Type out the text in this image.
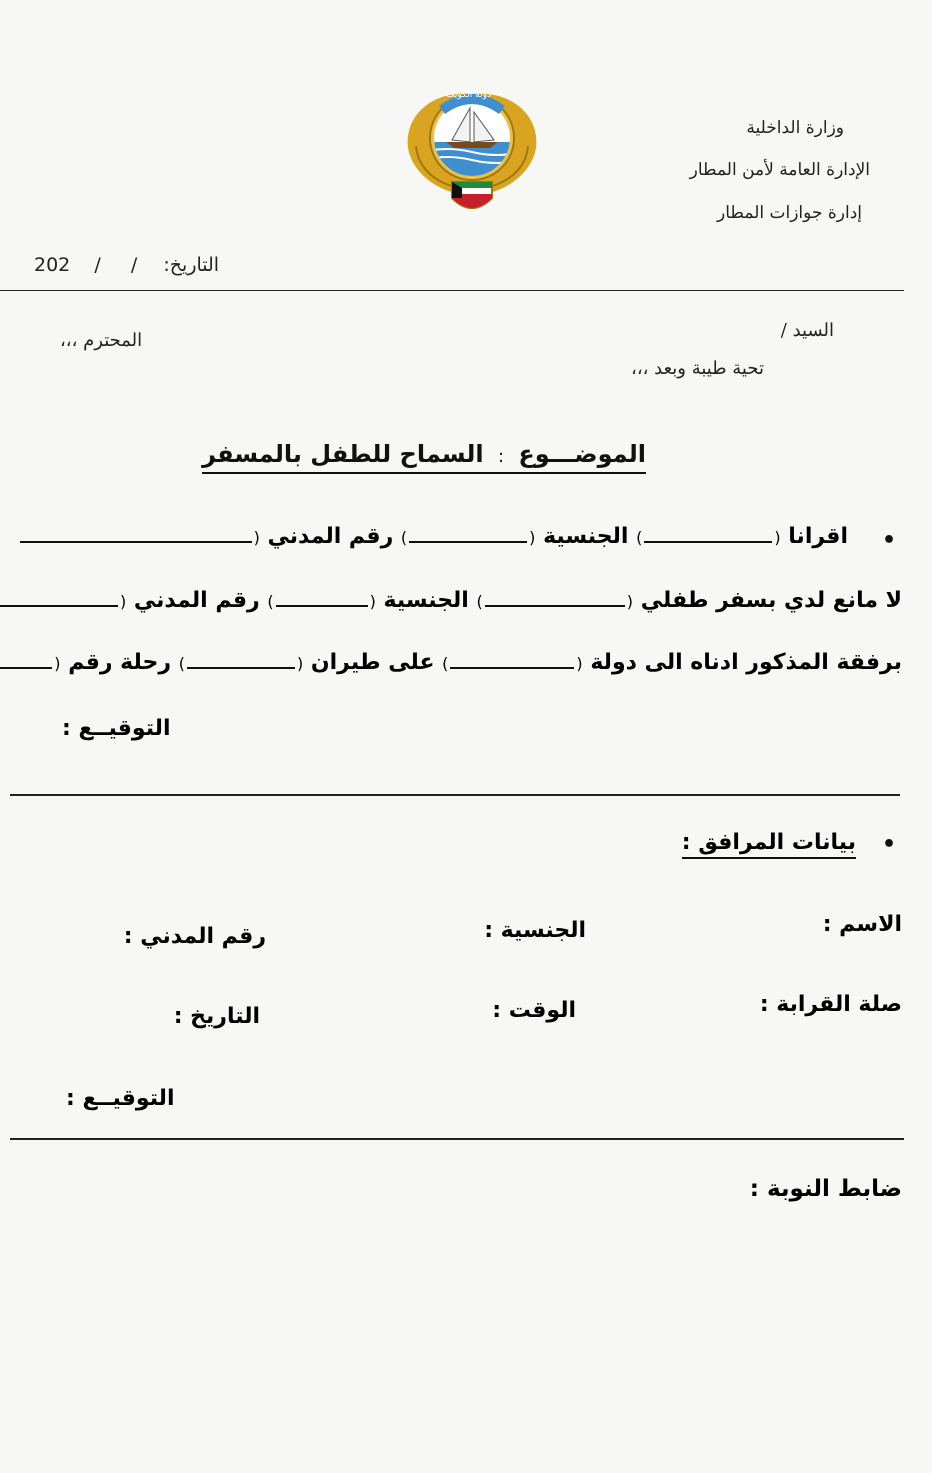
وزارة الداخلية
الإدارة العامة لأمن المطار
إدارة جوازات المطار
دولة الكويت
التاريخ:  /  /  202
السيد /
المحترم ،،،
تحية طيبة وبعد ،،،
الموضـــوع : السماح للطفل بالمسفر
•
اقرانا () الجنسية () رقم المدني (
لا مانع لدي بسفر طفلي () الجنسية () رقم المدني (
برفقة المذكور ادناه الى دولة () على طيران () رحلة رقم (
التوقيــع :
•
بيانات المرافق :
الاسم :
الجنسية :
رقم المدني :
صلة القرابة :
الوقت :
التاريخ :
التوقيــع :
ضابط النوبة :
